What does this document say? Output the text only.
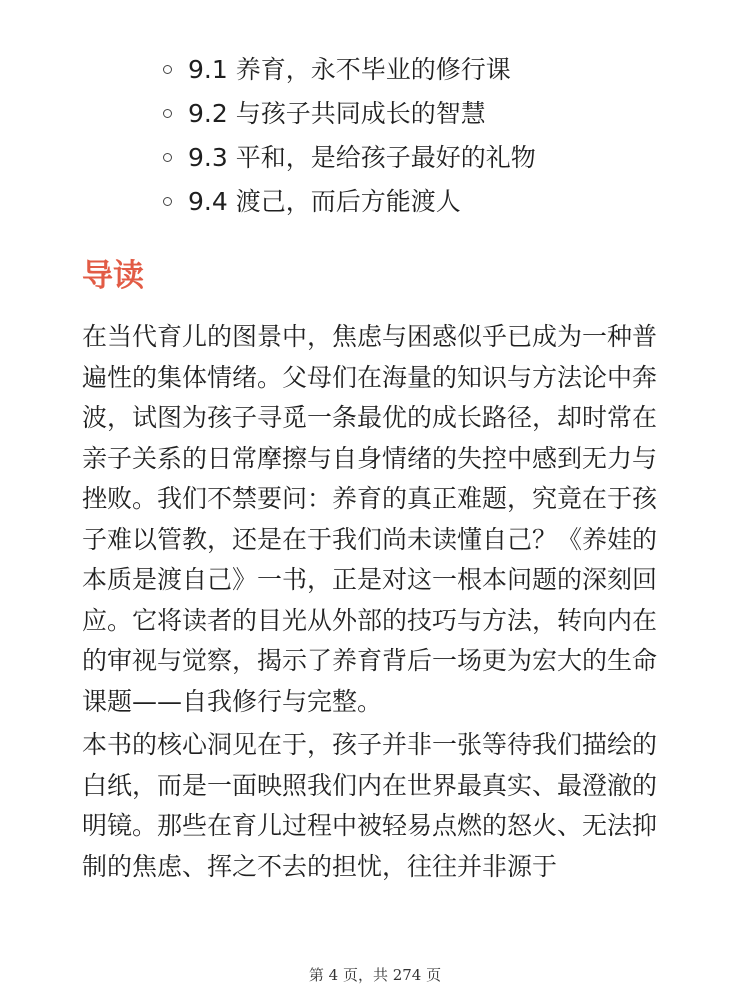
9.1 养育，永不毕业的修行课
9.2 与孩子共同成长的智慧
9.3 平和，是给孩子最好的礼物
9.4 渡己，而后方能渡人
导读

在当代育儿的图景中，焦虑与困惑似乎已成为一种普遍性的集体情绪。父母们在海量的知识与方法论中奔波，试图为孩子寻觅一条最优的成长路径，却时常在亲子关系的日常摩擦与自身情绪的失控中感到无力与挫败。我们不禁要问：养育的真正难题，究竟在于孩子难以管教，还是在于我们尚未读懂自己？《养娃的本质是渡自己》一书，正是对这一根本问题的深刻回应。它将读者的目光从外部的技巧与方法，转向内在的审视与觉察，揭示了养育背后一场更为宏大的生命课题——自我修行与完整。

本书的核心洞见在于，孩子并非一张等待我们描绘的白纸，而是一面映照我们内在世界最真实、最澄澈的明镜。那些在育儿过程中被轻易点燃的怒火、无法抑制的焦虑、挥之不去的担忧，往往并非源于

第 4 页，共 274 页
